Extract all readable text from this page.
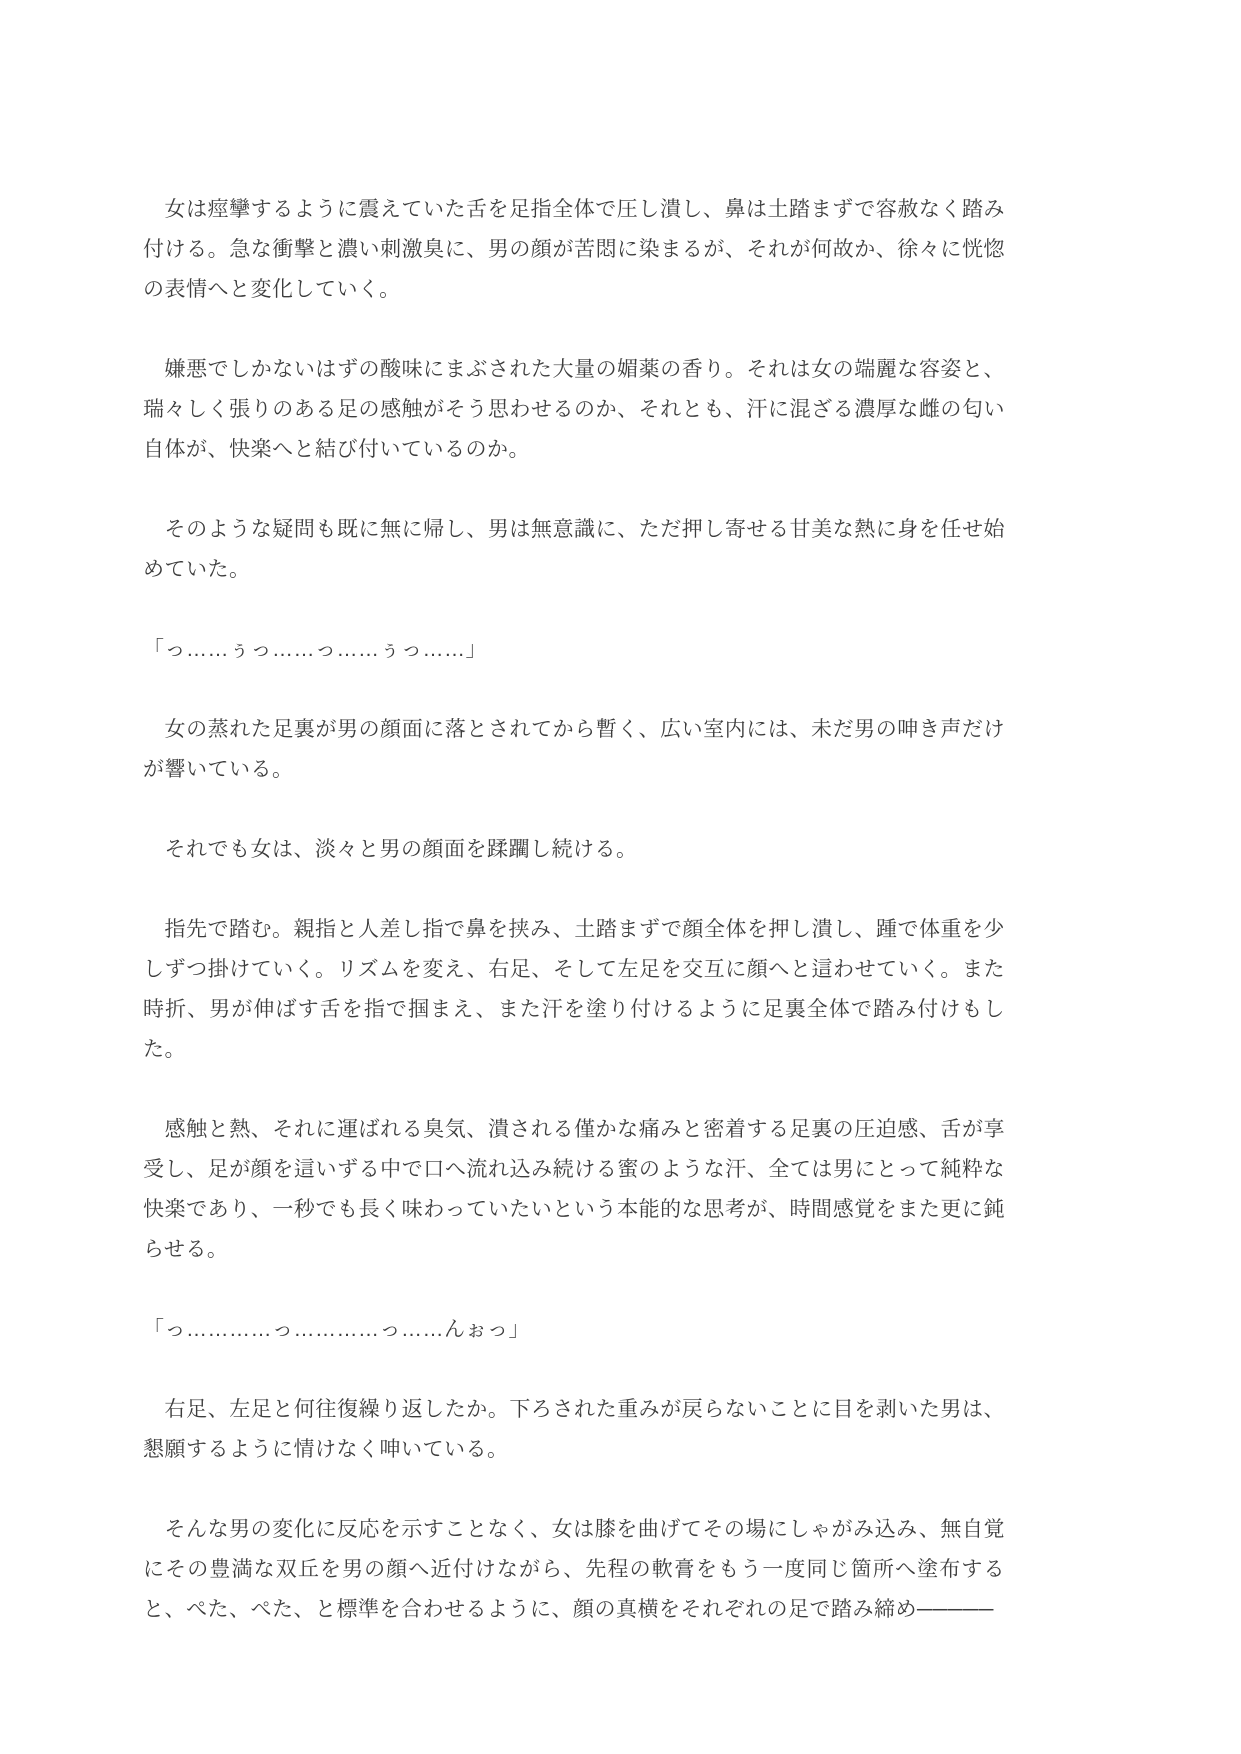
　女は痙攣するように震えていた舌を足指全体で圧し潰し、鼻は土踏まずで容赦なく踏み付ける。急な衝撃と濃い刺激臭に、男の顔が苦悶に染まるが、それが何故か、徐々に恍惚の表情へと変化していく。

　嫌悪でしかないはずの酸味にまぶされた大量の媚薬の香り。それは女の端麗な容姿と、瑞々しく張りのある足の感触がそう思わせるのか、それとも、汗に混ざる濃厚な雌の匂い自体が、快楽へと結び付いているのか。

　そのような疑問も既に無に帰し、男は無意識に、ただ押し寄せる甘美な熱に身を任せ始めていた。

「っ……ぅっ……っ……ぅっ……」

　女の蒸れた足裏が男の顔面に落とされてから暫く、広い室内には、未だ男の呻き声だけが響いている。

　それでも女は、淡々と男の顔面を蹂躙し続ける。

　指先で踏む。親指と人差し指で鼻を挟み、土踏まずで顔全体を押し潰し、踵で体重を少しずつ掛けていく。リズムを変え、右足、そして左足を交互に顔へと這わせていく。また時折、男が伸ばす舌を指で掴まえ、また汗を塗り付けるように足裏全体で踏み付けもした。

　感触と熱、それに運ばれる臭気、潰される僅かな痛みと密着する足裏の圧迫感、舌が享受し、足が顔を這いずる中で口へ流れ込み続ける蜜のような汗、全ては男にとって純粋な快楽であり、一秒でも長く味わっていたいという本能的な思考が、時間感覚をまた更に鈍らせる。

「っ…………っ…………っ……んぉっ」

　右足、左足と何往復繰り返したか。下ろされた重みが戻らないことに目を剥いた男は、懇願するように情けなく呻いている。

　そんな男の変化に反応を示すことなく、女は膝を曲げてその場にしゃがみ込み、無自覚にその豊満な双丘を男の顔へ近付けながら、先程の軟膏をもう一度同じ箇所へ塗布すると、ぺた、ぺた、と標準を合わせるように、顔の真横をそれぞれの足で踏み締め─────
